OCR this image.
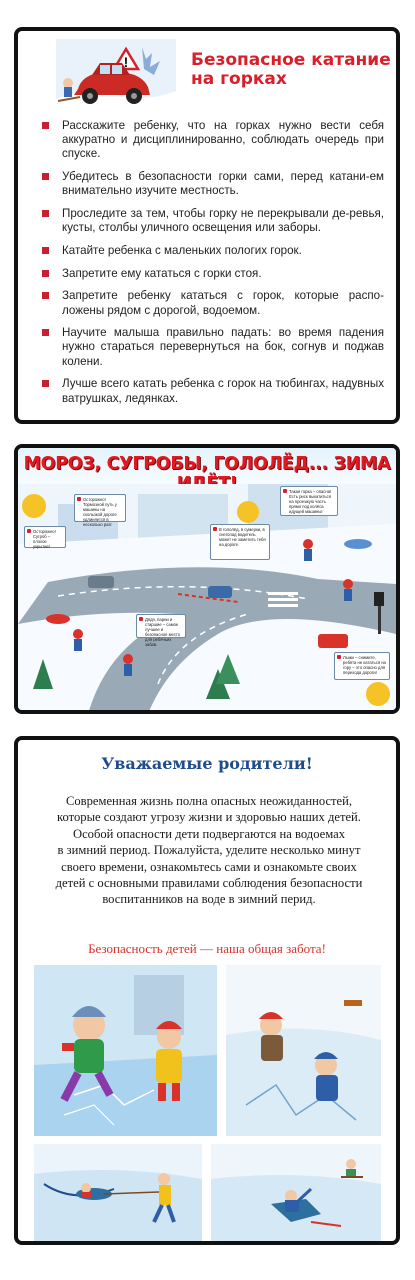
!	Безопасное катание
на горках
Расскажите ребенку, что на горках нужно вести себя аккуратно и дисциплинированно, соблюдать очередь при спуске.
Убедитесь в безопасности горки сами, перед катани-ем внимательно изучите местность.
Проследите за тем, чтобы горку не перекрывали де-ревья, кусты, столбы уличного освещения или заборы.
Катайте ребенка с маленьких пологих горок.
Запретите ему кататься с горки стоя.
Запретите ребенку кататься с горок, которые распо-ложены рядом с дорогой, водоемом.
Научите малыша правильно падать: во время падения нужно стараться перевернуться на бок, согнув и поджав колени.
Лучше всего катать ребенка с горок на тюбингах, надувных ватрушках, ледянках.
МОРОЗ, СУГРОБЫ, ГОЛОЛЁД... ЗИМА
Осторожно! Тормозной путь у машины на скользкой дороге удлиняется в несколько раз!
Осторожно! Сугроб – плохое укрытие!
В гололёд, в сумерки, в снегопад водитель может не заметить тебя на дороге.
Такая горка – опасна! Есть риск выкатиться на проезжую часть прямо под колёса идущей машины!
Дядя, парни и старшие – самое лучшее и безопасное место для ребячьих забав.
Лыжи – снимите, ребята не кататься на гору – это опасно для перехода дороги!
Уважаемые родители!
Современная жизнь полна опасных неожиданностей,
которые создают угрозу жизни и здоровью наших детей.
Особой опасности дети подвергаются на водоемах
в зимний период. Пожалуйста, уделите несколько минут
своего времени, ознакомьтесь сами и ознакомьте своих
детей с основными правилами соблюдения безопасности
воспитанников на воде в зимний перид.
Безопасность детей — наша общая забота!
